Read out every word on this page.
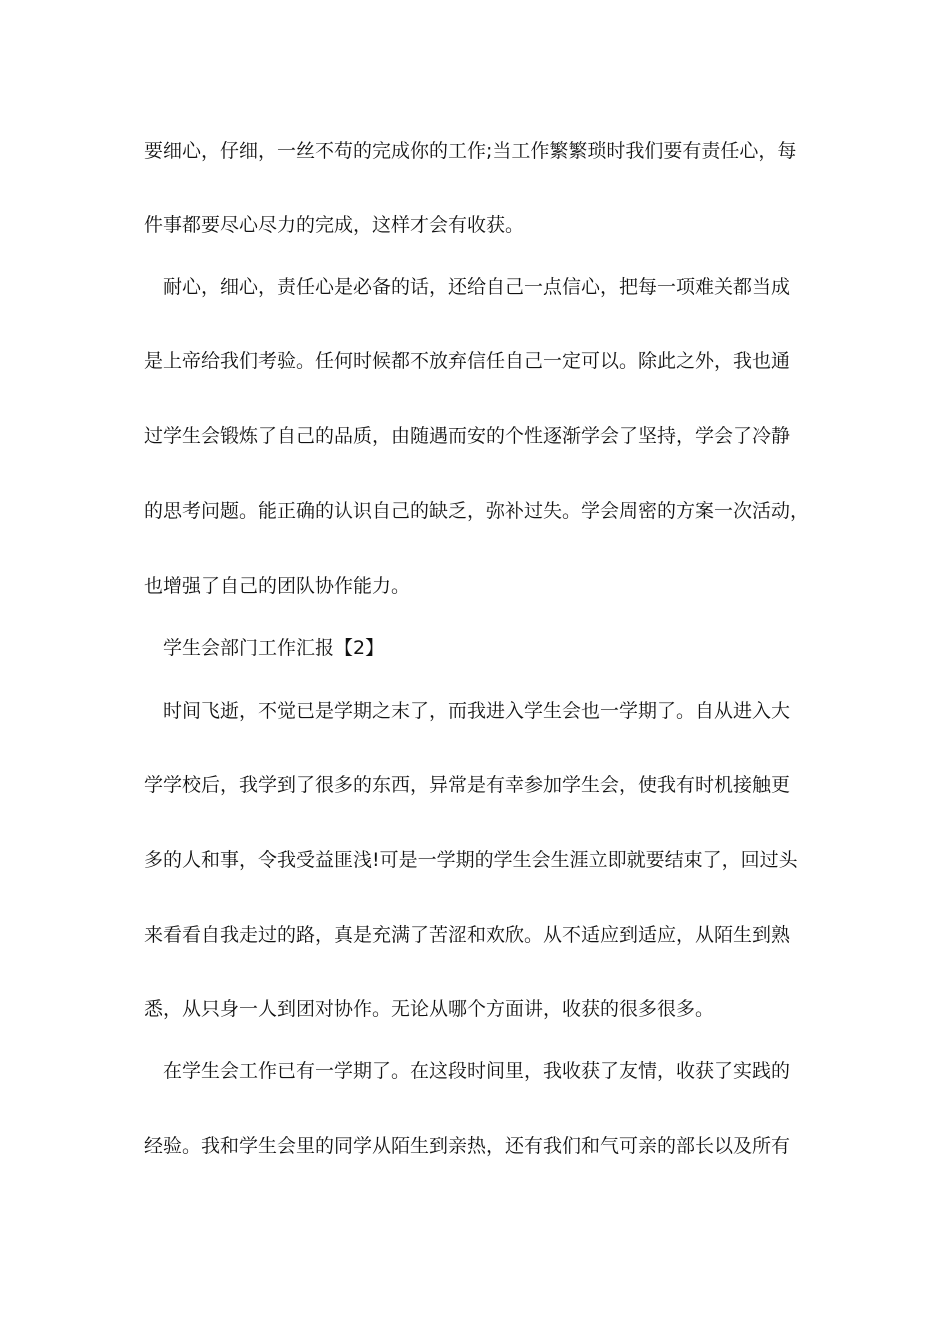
要细心，仔细，一丝不苟的完成你的工作;当工作繁繁琐时我们要有责任心，每
件事都要尽心尽力的完成，这样才会有收获。
耐心，细心，责任心是必备的话，还给自己一点信心，把每一项难关都当成
是上帝给我们考验。任何时候都不放弃信任自己一定可以。除此之外，我也通
过学生会锻炼了自己的品质，由随遇而安的个性逐渐学会了坚持，学会了冷静
的思考问题。能正确的认识自己的缺乏，弥补过失。学会周密的方案一次活动，
也增强了自己的团队协作能力。
学生会部门工作汇报【2】
时间飞逝，不觉已是学期之末了，而我进入学生会也一学期了。自从进入大
学学校后，我学到了很多的东西，异常是有幸参加学生会，使我有时机接触更
多的人和事，令我受益匪浅!可是一学期的学生会生涯立即就要结束了，回过头
来看看自我走过的路，真是充满了苦涩和欢欣。从不适应到适应，从陌生到熟
悉，从只身一人到团对协作。无论从哪个方面讲，收获的很多很多。
在学生会工作已有一学期了。在这段时间里，我收获了友情，收获了实践的
经验。我和学生会里的同学从陌生到亲热，还有我们和气可亲的部长以及所有
